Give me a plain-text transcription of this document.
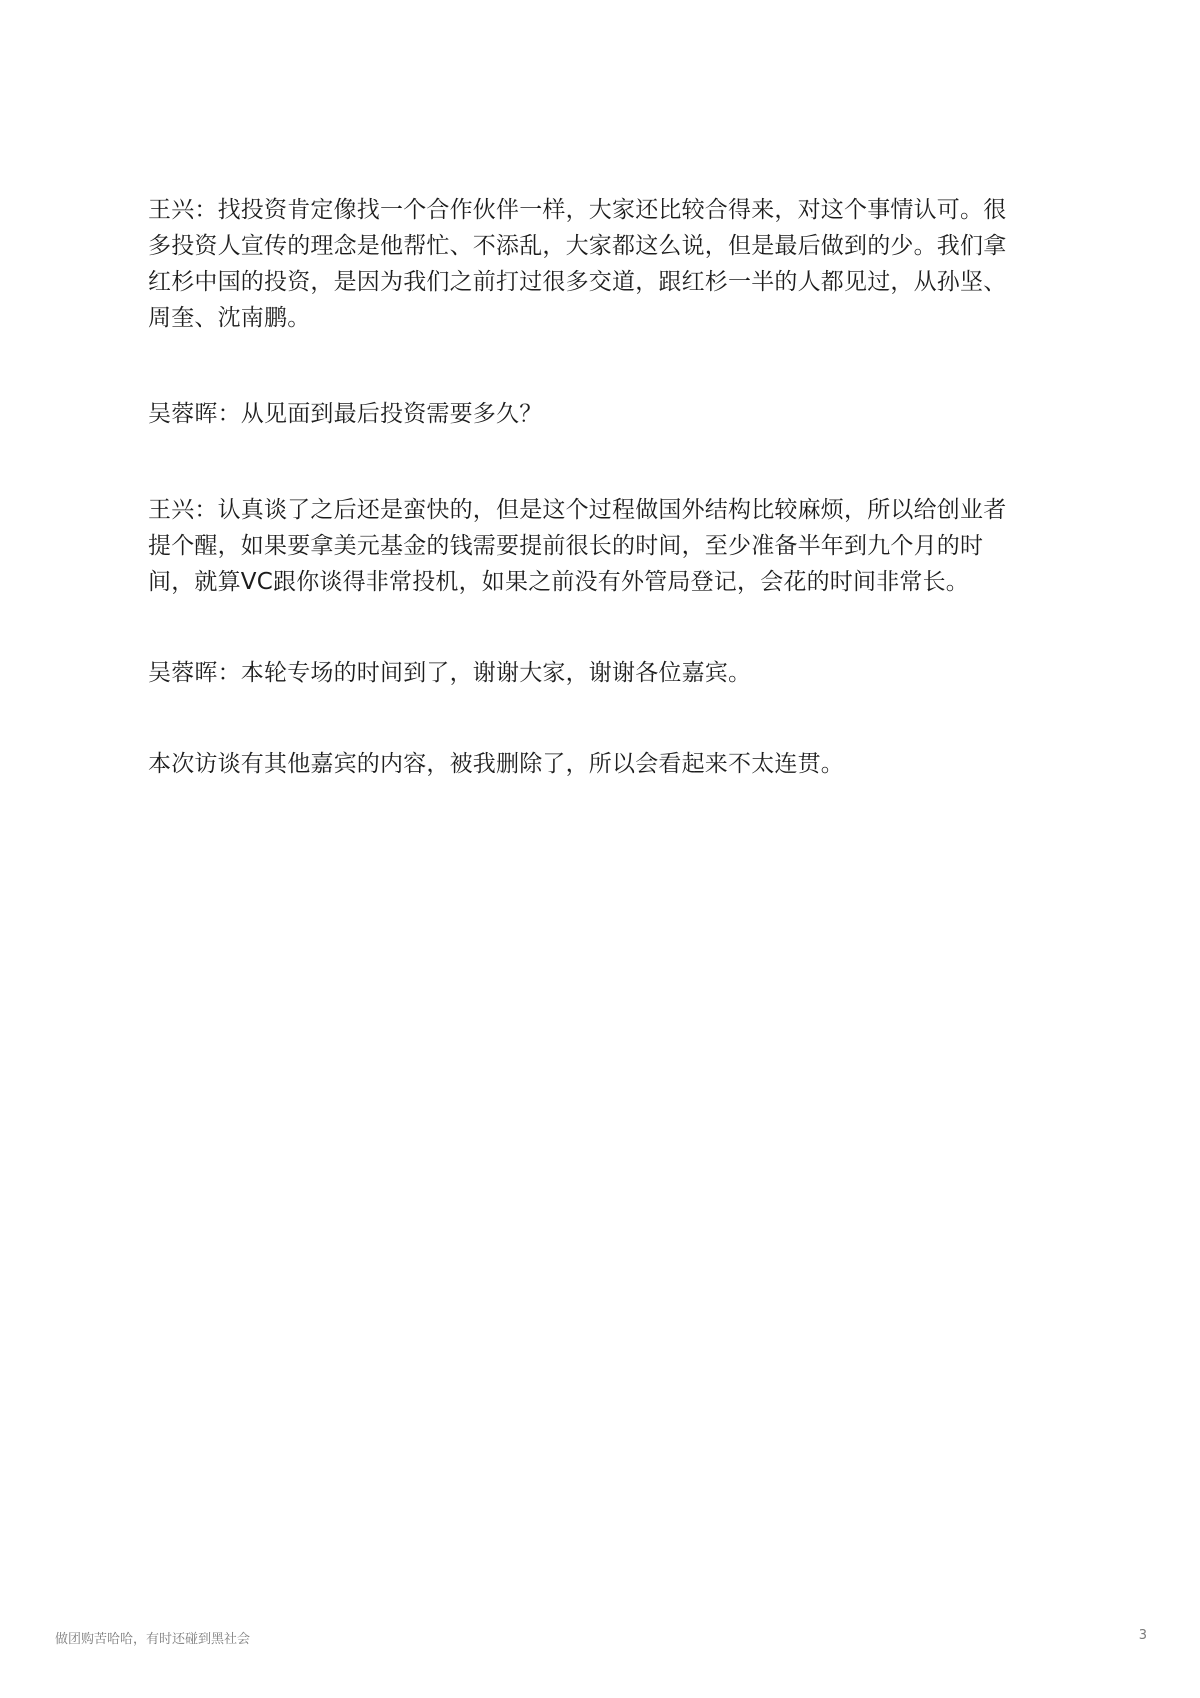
王兴：找投资肯定像找一个合作伙伴一样，大家还比较合得来，对这个事情认可。很
多投资人宣传的理念是他帮忙、不添乱，大家都这么说，但是最后做到的少。我们拿
红杉中国的投资，是因为我们之前打过很多交道，跟红杉一半的人都见过，从孙坚、
周奎、沈南鹏。

吴蓉晖：从见面到最后投资需要多久？

王兴：认真谈了之后还是蛮快的，但是这个过程做国外结构比较麻烦，所以给创业者
提个醒，如果要拿美元基金的钱需要提前很长的时间，至少准备半年到九个月的时
间，就算VC跟你谈得非常投机，如果之前没有外管局登记，会花的时间非常长。

吴蓉晖：本轮专场的时间到了，谢谢大家，谢谢各位嘉宾。

本次访谈有其他嘉宾的内容，被我删除了，所以会看起来不太连贯。

做团购苦哈哈，有时还碰到黑社会	3
